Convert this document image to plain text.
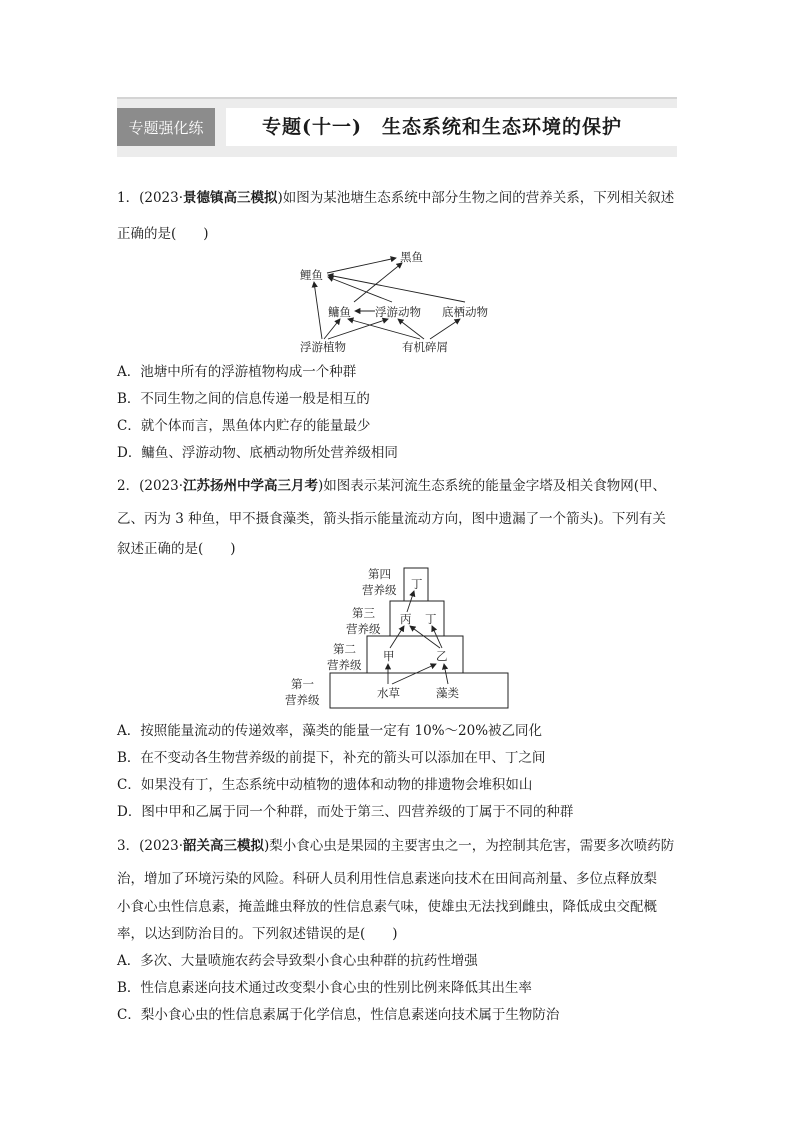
专题强化练	专题(十一)　生态系统和生态环境的保护
1．(2023·景德镇高三模拟)如图为某池塘生态系统中部分生物之间的营养关系，下列相关叙述
正确的是(　　)
黑鱼
鲤鱼
鳙鱼 浮游动物 底栖动物
浮游植物	有机碎屑
A．池塘中所有的浮游植物构成一个种群
B．不同生物之间的信息传递一般是相互的
C．就个体而言，黑鱼体内贮存的能量最少
D．鳙鱼、浮游动物、底栖动物所处营养级相同
2．(2023·江苏扬州中学高三月考)如图表示某河流生态系统的能量金字塔及相关食物网(甲、
乙、丙为 3 种鱼，甲不摄食藻类，箭头指示能量流动方向，图中遗漏了一个箭头)。下列有关
叙述正确的是(　　)
第四
营养级
第三
营养级
第二
营养级
第一
营养级
丁
丙 丁
甲	乙
水草	藻类
A．按照能量流动的传递效率，藻类的能量一定有 10%～20%被乙同化
B．在不变动各生物营养级的前提下，补充的箭头可以添加在甲、丁之间
C．如果没有丁，生态系统中动植物的遗体和动物的排遗物会堆积如山
D．图中甲和乙属于同一个种群，而处于第三、四营养级的丁属于不同的种群
3．(2023·韶关高三模拟)梨小食心虫是果园的主要害虫之一，为控制其危害，需要多次喷药防
治，增加了环境污染的风险。科研人员利用性信息素迷向技术在田间高剂量、多位点释放梨
小食心虫性信息素，掩盖雌虫释放的性信息素气味，使雄虫无法找到雌虫，降低成虫交配概
率，以达到防治目的。下列叙述错误的是(　　)
A．多次、大量喷施农药会导致梨小食心虫种群的抗药性增强
B．性信息素迷向技术通过改变梨小食心虫的性别比例来降低其出生率
C．梨小食心虫的性信息素属于化学信息，性信息素迷向技术属于生物防治
